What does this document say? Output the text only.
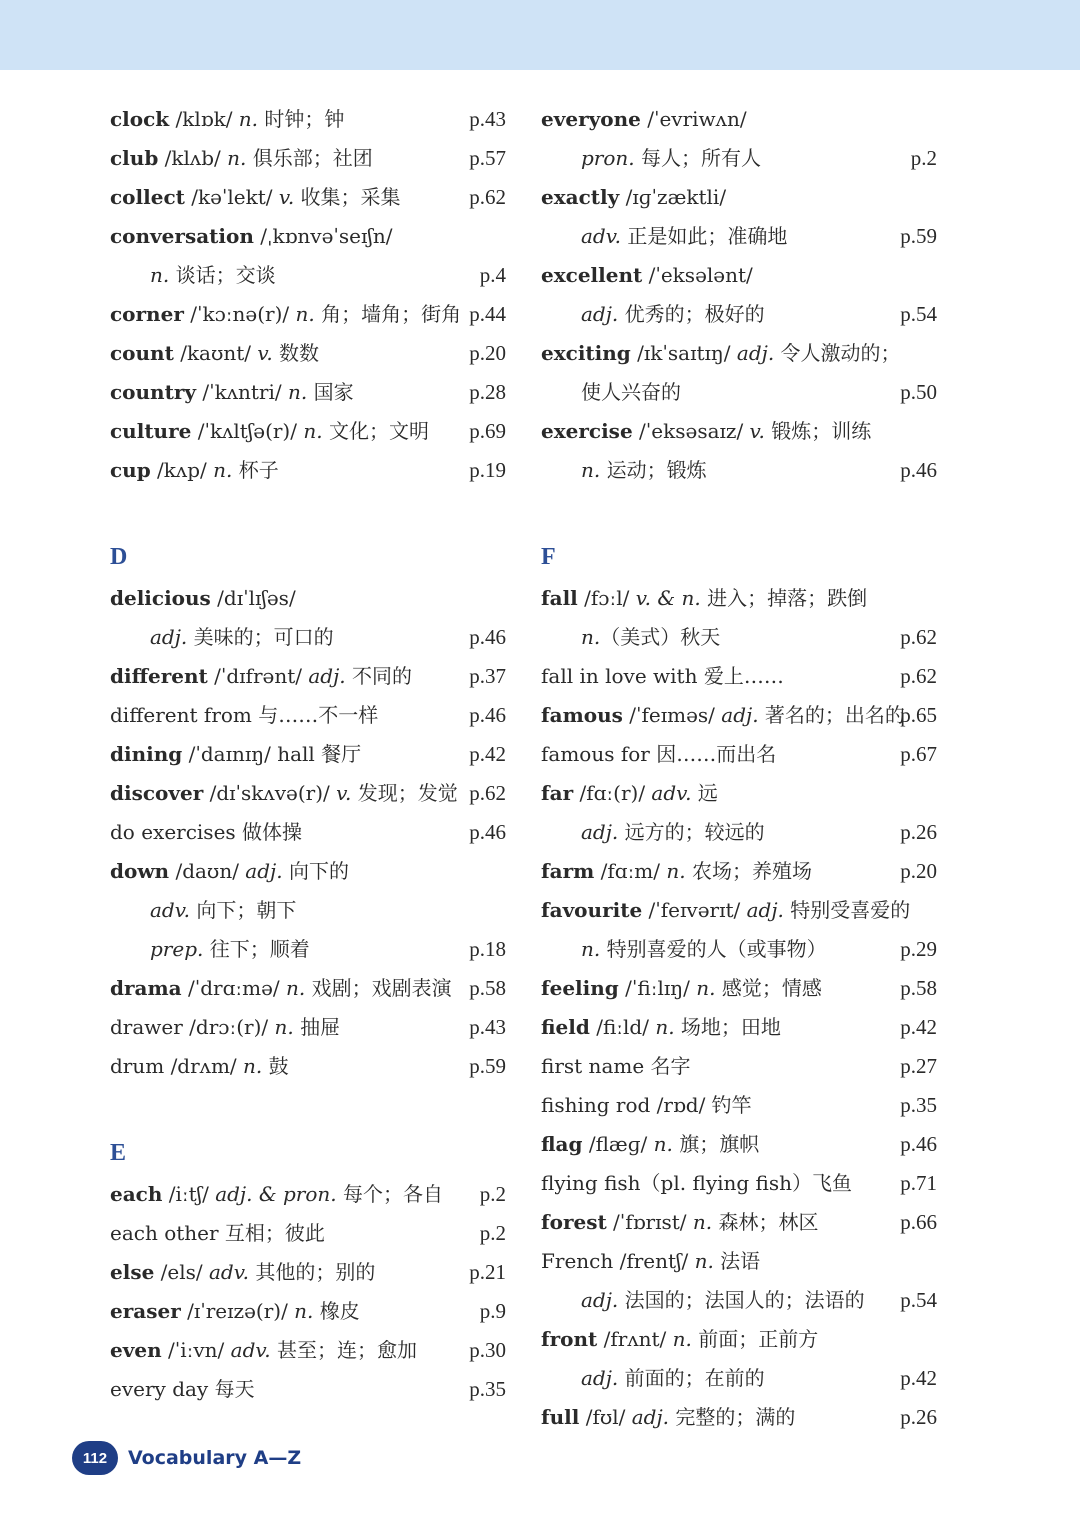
clock /klɒk/ n. 时钟；钟	p.43
club /klʌb/ n. 俱乐部；社团	p.57
collect /kəˈlekt/ v. 收集；采集	p.62
conversation /ˌkɒnvəˈseɪʃn/
n. 谈话；交谈	p.4
corner /ˈkɔːnə(r)/ n. 角；墙角；街角 p.44
count /kaʊnt/ v. 数数	p.20
country /ˈkʌntri/ n. 国家	p.28
culture /ˈkʌltʃə(r)/ n. 文化；文明 p.69
cup /kʌp/ n. 杯子	p.19
D
delicious /dɪˈlɪʃəs/
adj. 美味的；可口的	p.46
different /ˈdɪfrənt/ adj. 不同的	p.37
different from 与……不一样	p.46
dining /ˈdaɪnɪŋ/ hall 餐厅	p.42
discover /dɪˈskʌvə(r)/ v. 发现；发觉 p.62
do exercises 做体操	p.46
down /daʊn/ adj. 向下的
adv. 向下；朝下
prep. 往下；顺着	p.18
drama /ˈdrɑːmə/ n. 戏剧；戏剧表演 p.58
drawer /drɔː(r)/ n. 抽屉	p.43
drum /drʌm/ n. 鼓	p.59
E
each /iːtʃ/ adj. & pron. 每个；各自 p.2
each other 互相；彼此	p.2
else /els/ adv. 其他的；别的	p.21
eraser /ɪˈreɪzə(r)/ n. 橡皮	p.9
even /ˈiːvn/ adv. 甚至；连；愈加 p.30
every day 每天	p.35
everyone /ˈevriwʌn/
pron. 每人；所有人	p.2
exactly /ɪɡˈzæktli/
adv. 正是如此；准确地	p.59
excellent /ˈeksələnt/
adj. 优秀的；极好的	p.54
exciting /ɪkˈsaɪtɪŋ/ adj. 令人激动的；
使人兴奋的	p.50
exercise /ˈeksəsaɪz/ v. 锻炼；训练
n. 运动；锻炼	p.46
F
fall /fɔːl/ v. & n. 进入；掉落；跌倒
n.（美式）秋天	p.62
fall in love with 爱上……	p.62
famous /ˈfeɪməs/ adj. 著名的；出名的
p.65
famous for 因……而出名	p.67
far /fɑː(r)/ adv. 远
adj. 远方的；较远的	p.26
farm /fɑːm/ n. 农场；养殖场	p.20
favourite /ˈfeɪvərɪt/ adj. 特别受喜爱的
n. 特别喜爱的人（或事物）	p.29
feeling /ˈfiːlɪŋ/ n. 感觉；情感	p.58
field /fiːld/ n. 场地；田地	p.42
first name 名字	p.27
fishing rod /rɒd/ 钓竿	p.35
flag /flæɡ/ n. 旗；旗帜	p.46
flying fish（pl. flying fish）飞鱼 p.71
forest /ˈfɒrɪst/ n. 森林；林区	p.66
French /frentʃ/ n. 法语
adj. 法国的；法国人的；法语的 p.54
front /frʌnt/ n. 前面；正前方
adj. 前面的；在前的	p.42
full /fʊl/ adj. 完整的；满的	p.26
112	Vocabulary A—Z
